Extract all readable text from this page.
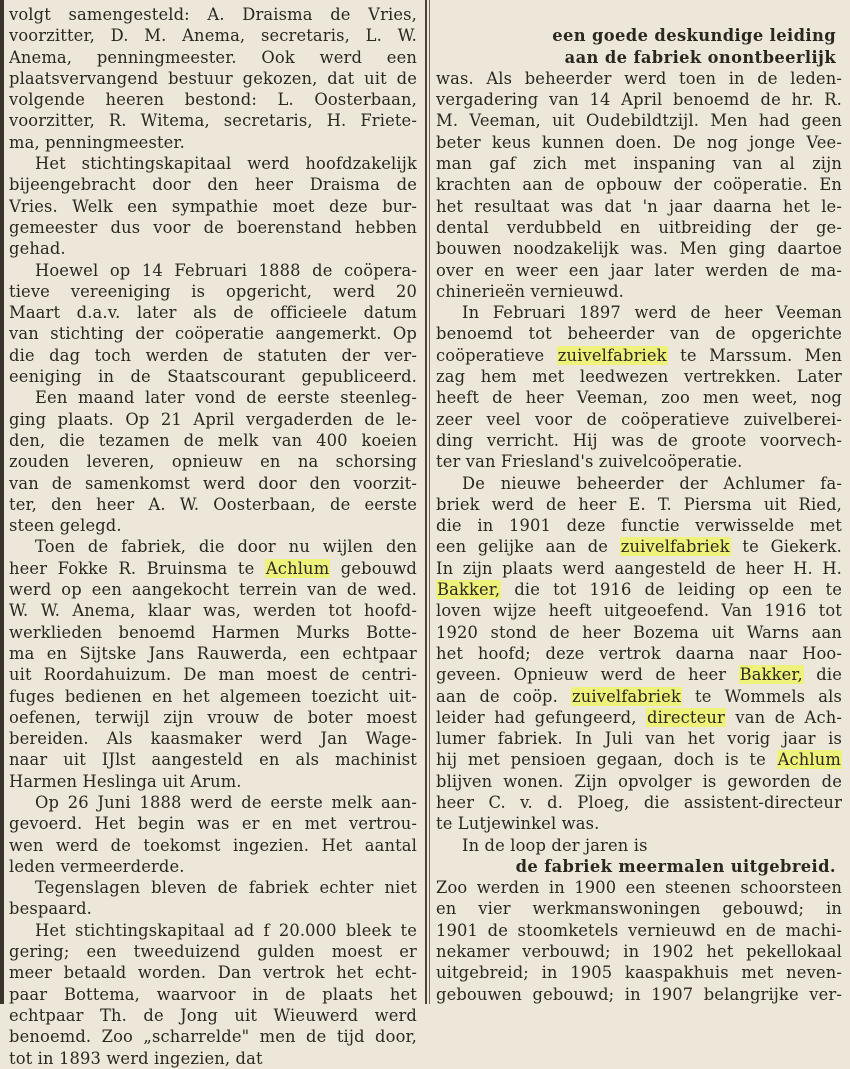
volgt samengesteld: A. Draisma de Vries,
voorzitter, D. M. Anema, secretaris, L. W.
Anema, penningmeester. Ook werd een
plaatsvervangend bestuur gekozen, dat uit de
volgende heeren bestond: L. Oosterbaan,
voorzitter, R. Witema, secretaris, H. Friete-
ma, penningmeester.
Het stichtingskapitaal werd hoofdzakelijk
bijeengebracht door den heer Draisma de
Vries. Welk een sympathie moet deze bur-
gemeester dus voor de boerenstand hebben
gehad.
Hoewel op 14 Februari 1888 de coöpera-
tieve vereeniging is opgericht, werd 20
Maart d.a.v. later als de officieele datum
van stichting der coöperatie aangemerkt. Op
die dag toch werden de statuten der ver-
eeniging in de Staatscourant gepubliceerd.
Een maand later vond de eerste steenleg-
ging plaats. Op 21 April vergaderden de le-
den, die tezamen de melk van 400 koeien
zouden leveren, opnieuw en na schorsing
van de samenkomst werd door den voorzit-
ter, den heer A. W. Oosterbaan, de eerste
steen gelegd.
Toen de fabriek, die door nu wijlen den
heer Fokke R. Bruinsma te Achlum gebouwd
werd op een aangekocht terrein van de wed.
W. W. Anema, klaar was, werden tot hoofd-
werklieden benoemd Harmen Murks Botte-
ma en Sijtske Jans Rauwerda, een echtpaar
uit Roordahuizum. De man moest de centri-
fuges bedienen en het algemeen toezicht uit-
oefenen, terwijl zijn vrouw de boter moest
bereiden. Als kaasmaker werd Jan Wage-
naar uit IJlst aangesteld en als machinist
Harmen Heslinga uit Arum.
Op 26 Juni 1888 werd de eerste melk aan-
gevoerd. Het begin was er en met vertrou-
wen werd de toekomst ingezien. Het aantal
leden vermeerderde.
Tegenslagen bleven de fabriek echter niet
bespaard.
Het stichtingskapitaal ad f 20.000 bleek te
gering; een tweeduizend gulden moest er
meer betaald worden. Dan vertrok het echt-
paar Bottema, waarvoor in de plaats het
echtpaar Th. de Jong uit Wieuwerd werd
benoemd. Zoo „scharrelde" men de tijd door,
tot in 1893 werd ingezien, dat
een goede deskundige leiding
aan de fabriek onontbeerlijk
was. Als beheerder werd toen in de leden-
vergadering van 14 April benoemd de hr. R.
M. Veeman, uit Oudebildtzijl. Men had geen
beter keus kunnen doen. De nog jonge Vee-
man gaf zich met inspaning van al zijn
krachten aan de opbouw der coöperatie. En
het resultaat was dat 'n jaar daarna het le-
dental verdubbeld en uitbreiding der ge-
bouwen noodzakelijk was. Men ging daartoe
over en weer een jaar later werden de ma-
chinerieën vernieuwd.
In Februari 1897 werd de heer Veeman
benoemd tot beheerder van de opgerichte
coöperatieve zuivelfabriek te Marssum. Men
zag hem met leedwezen vertrekken. Later
heeft de heer Veeman, zoo men weet, nog
zeer veel voor de coöperatieve zuivelberei-
ding verricht. Hij was de groote voorvech-
ter van Friesland's zuivelcoöperatie.
De nieuwe beheerder der Achlumer fa-
briek werd de heer E. T. Piersma uit Ried,
die in 1901 deze functie verwisselde met
een gelijke aan de zuivelfabriek te Giekerk.
In zijn plaats werd aangesteld de heer H. H.
Bakker, die tot 1916 de leiding op een te
loven wijze heeft uitgeoefend. Van 1916 tot
1920 stond de heer Bozema uit Warns aan
het hoofd; deze vertrok daarna naar Hoo-
geveen. Opnieuw werd de heer Bakker, die
aan de coöp. zuivelfabriek te Wommels als
leider had gefungeerd, directeur van de Ach-
lumer fabriek. In Juli van het vorig jaar is
hij met pensioen gegaan, doch is te Achlum
blijven wonen. Zijn opvolger is geworden de
heer C. v. d. Ploeg, die assistent-directeur
te Lutjewinkel was.
In de loop der jaren is
de fabriek meermalen uitgebreid.
Zoo werden in 1900 een steenen schoorsteen
en vier werkmanswoningen gebouwd; in
1901 de stoomketels vernieuwd en de machi-
nekamer verbouwd; in 1902 het pekellokaal
uitgebreid; in 1905 kaaspakhuis met neven-
gebouwen gebouwd; in 1907 belangrijke ver-
